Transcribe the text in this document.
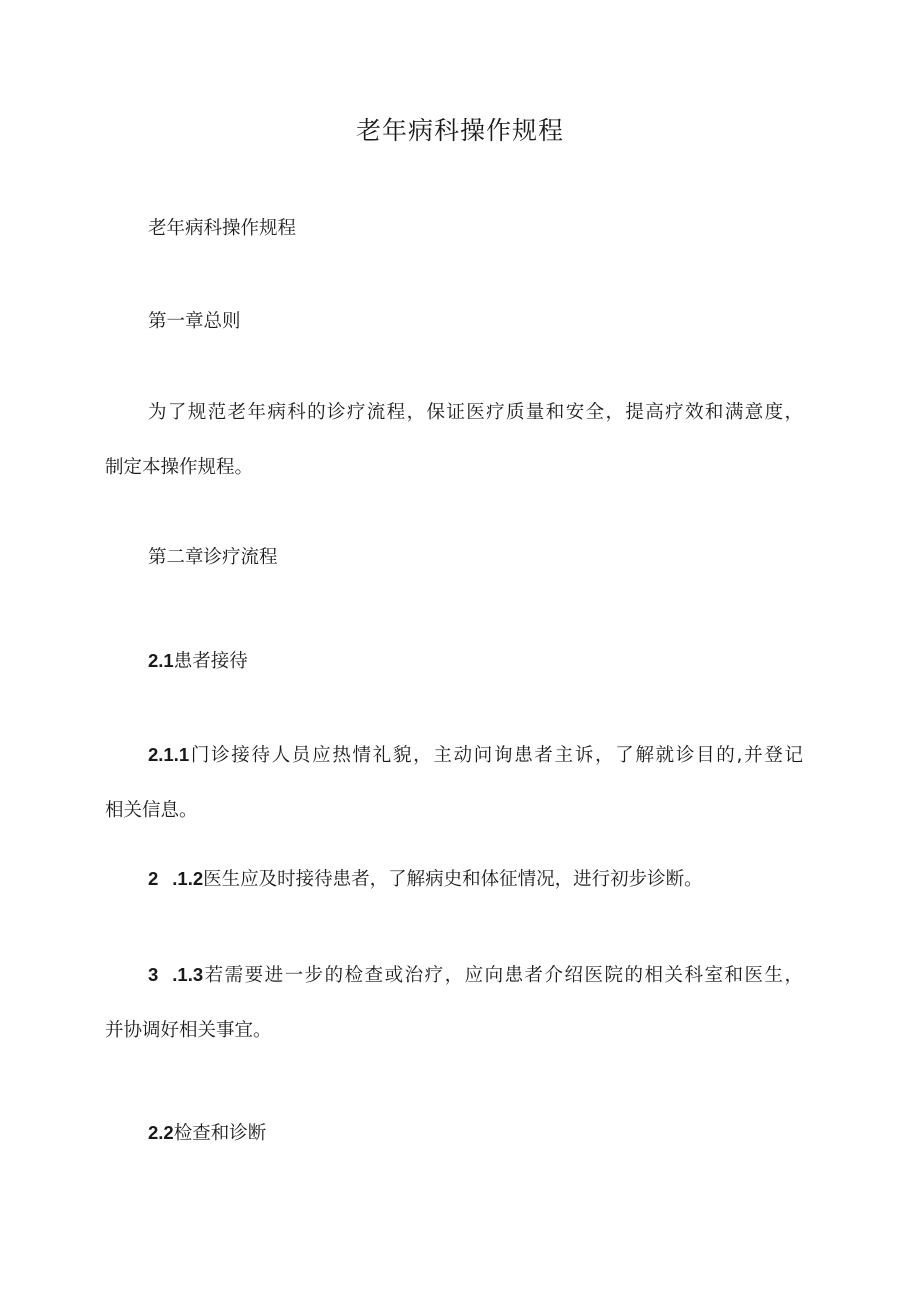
老年病科操作规程

老年病科操作规程

第一章总则

为了规范老年病科的诊疗流程，保证医疗质量和安全，提高疗效和满意度，

制定本操作规程。

第二章诊疗流程

2.1患者接待

2.1.1门诊接待人员应热情礼貌，主动问询患者主诉，了解就诊目的,并登记

相关信息。

2 .1.2医生应及时接待患者，了解病史和体征情况，进行初步诊断。

3 .1.3若需要进一步的检查或治疗，应向患者介绍医院的相关科室和医生，

并协调好相关事宜。

2.2检查和诊断
